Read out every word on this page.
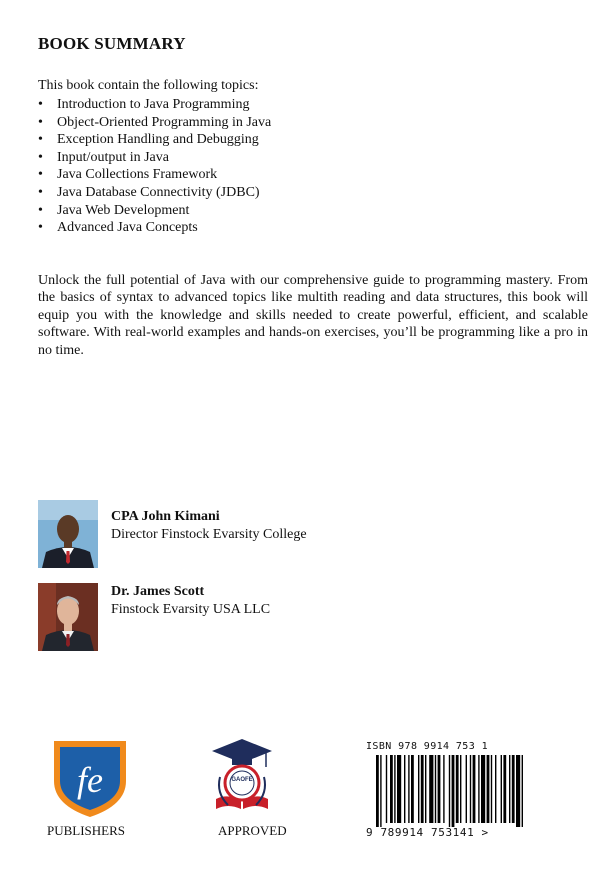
BOOK SUMMARY
This book contain the following topics:
•	Introduction to Java Programming
•	Object-Oriented Programming in Java
•	Exception Handling and Debugging
•	Input/output in Java
•	Java Collections Framework
•	Java Database Connectivity (JDBC)
•	Java Web Development
•	Advanced Java Concepts

Unlock the full potential of Java with our comprehensive guide to programming mastery. From the basics of syntax to advanced topics like multith reading and data structures, this book will equip you with the knowledge and skills needed to create powerful, efficient, and scalable software. With real-world examples and hands-on exercises, you’ll be programming like a pro in no time.

CPA John Kimani
Director Finstock Evarsity College
Dr. James Scott
Finstock Evarsity USA LLC
fe
PUBLISHERS
GAOFE
APPROVED
ISBN 978 9914 753 1
9 789914 753141 >
